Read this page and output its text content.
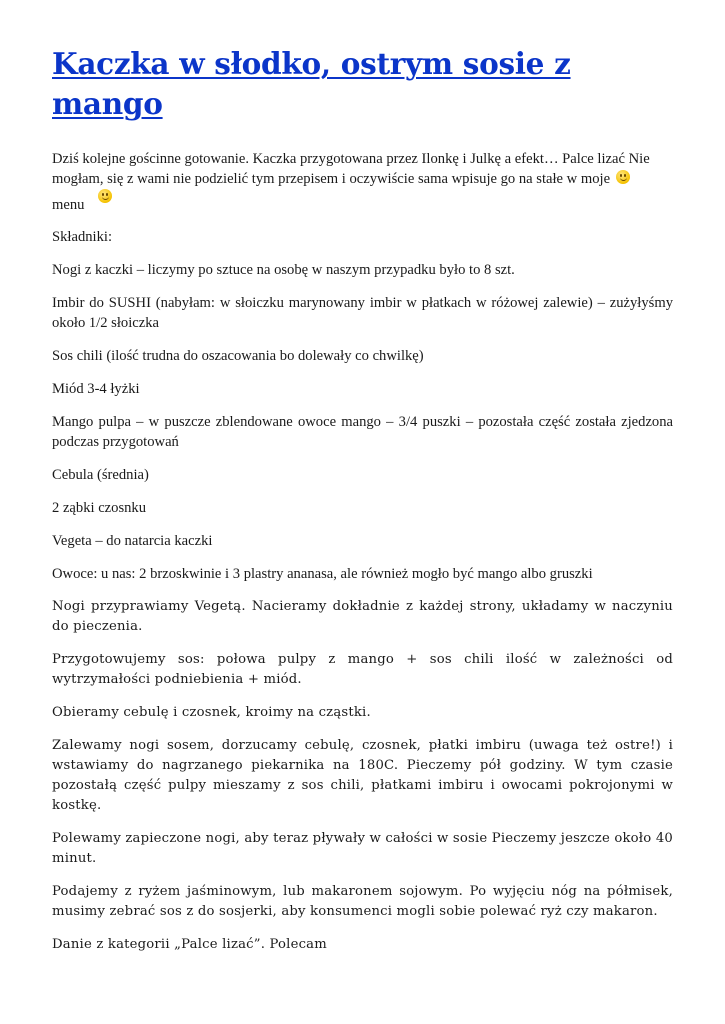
Kaczka w słodko, ostrym sosie z mango

Dziś kolejne gościnne gotowanie. Kaczka przygotowana przez Ilonkę i Julkę a efekt… Palce lizać Nie mogłam, się z wami nie podzielić tym przepisem i oczywiście sama wpisuje go na stałe w moje
menu

Składniki:

Nogi z kaczki – liczymy po sztuce na osobę w naszym przypadku było to 8 szt.

Imbir do SUSHI (nabyłam: w słoiczku marynowany imbir w płatkach w różowej zalewie) – zużyłyśmy około 1/2 słoiczka

Sos chili (ilość trudna do oszacowania bo dolewały co chwilkę)

Miód 3-4 łyżki

Mango pulpa – w puszcze zblendowane owoce mango – 3/4 puszki – pozostała część została zjedzona podczas przygotowań

Cebula (średnia)

2 ząbki czosnku

Vegeta – do natarcia kaczki

Owoce: u nas: 2 brzoskwinie i 3 plastry ananasa, ale również mogło być mango albo gruszki

Nogi przyprawiamy Vegetą. Nacieramy dokładnie z każdej strony, układamy w naczyniu do pieczenia.

Przygotowujemy sos: połowa pulpy z mango + sos chili ilość w zależności od wytrzymałości podniebienia + miód.

Obieramy cebulę i czosnek, kroimy na cząstki.

Zalewamy nogi sosem, dorzucamy cebulę, czosnek, płatki imbiru (uwaga też ostre!) i wstawiamy do nagrzanego piekarnika na 180C. Pieczemy pół godziny. W tym czasie pozostałą część pulpy mieszamy z sos chili, płatkami imbiru i owocami pokrojonymi w kostkę.

Polewamy zapieczone nogi, aby teraz pływały w całości w sosie Pieczemy jeszcze około 40 minut.

Podajemy z ryżem jaśminowym, lub makaronem sojowym. Po wyjęciu nóg na półmisek, musimy zebrać sos z do sosjerki, aby konsumenci mogli sobie polewać ryż czy makaron.

Danie z kategorii „Palce lizać”. Polecam
